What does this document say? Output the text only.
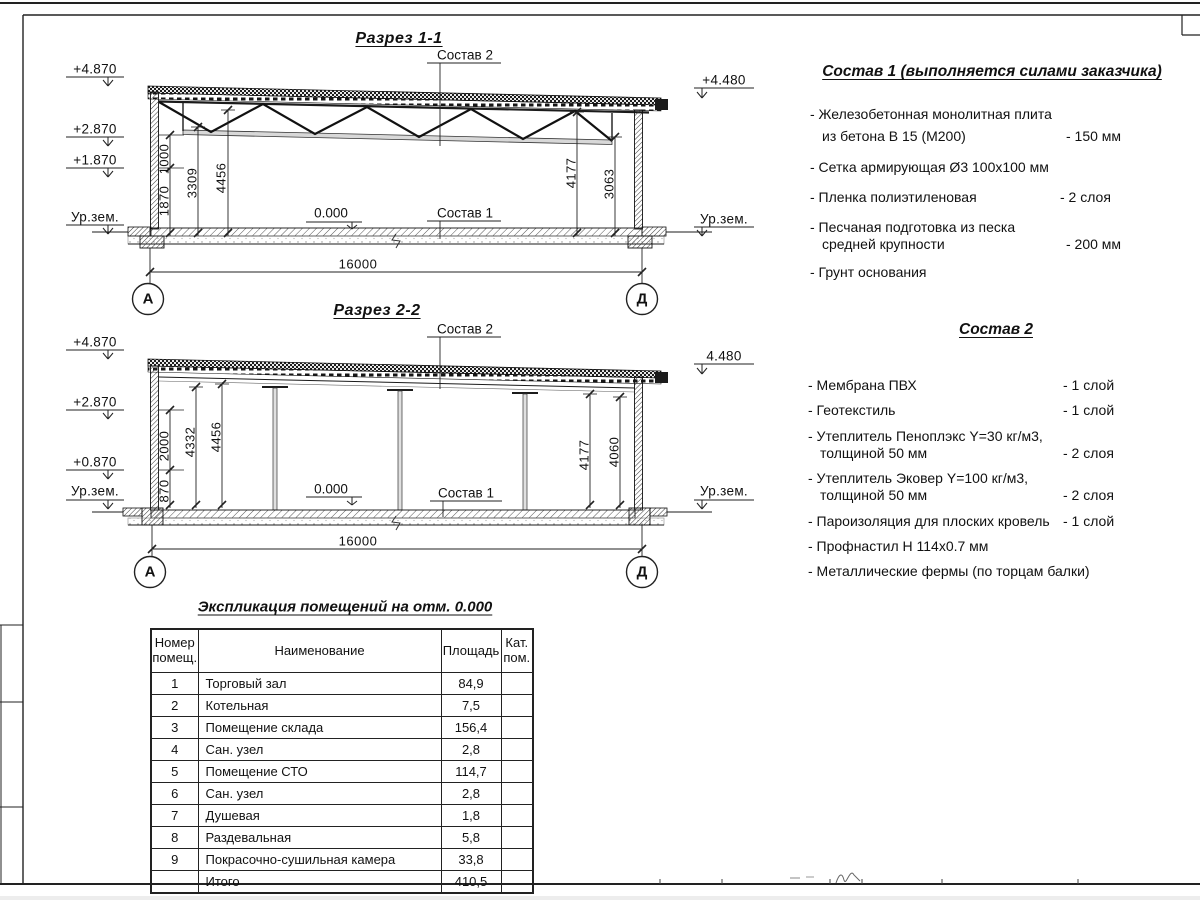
Разрез 1-1
Состав 2
Состав 1
0.000
+4.870
+2.870
+1.870
Ур.зем.
+4.480
Ур.зем.
1870
1000
3309 4456	4177 3063
16000
А	Д
Разрез 2-2
Состав 2
Состав 1
0.000
+4.870
+2.870
+0.870
Ур.зем.
4.480
Ур.зем.
870
2000 4332 4456
4177 4060
16000
А	Д
Состав 1 (выполняется силами заказчика)
- Железобетонная монолитная плита
из бетона В 15 (М200)	- 150 мм
- Сетка армирующая Ø3 100х100 мм
- Пленка полиэтиленовая	- 2 слоя
- Песчаная подготовка из песка
средней крупности	- 200 мм
- Грунт основания
Состав 2
- Мембрана ПВХ	- 1 слой
- Геотекстиль	- 1 слой
- Утеплитель Пеноплэкс Y=30 кг/м3,
толщиной 50 мм	- 2 слоя
- Утеплитель Эковер Y=100 кг/м3,
толщиной 50 мм	- 2 слоя
- Пароизоляция для плоских кровель - 1 слой
- Профнастил Н 114х0.7 мм
- Металлические фермы (по торцам балки)
Экспликация помещений на отм. 0.000
Номер
помещ.	Наименование	Площадь	Кат.
пом.

1	Торговый зал	84,9	
2	Котельная	7,5	
3	Помещение склада	156,4	
4	Сан. узел	2,8	
5	Помещение СТО	114,7	
6	Сан. узел	2,8	
7	Душевая	1,8	
8	Раздевальная	5,8	
9	Покрасочно-сушильная камера	33,8	
	Итого	410,5	
